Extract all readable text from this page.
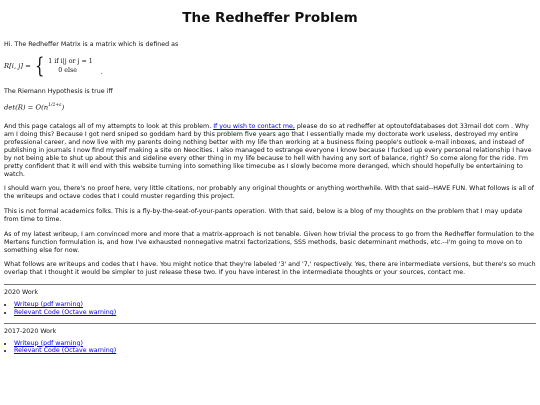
The Redheffer Problem

Hi. The Redheffer Matrix is a matrix which is defined as

R[i, j] = { 1 if i|j or j = 1
0 else	.

The Riemann Hypothesis is true iff

$\det(R) = O(n^{1/2+\varepsilon})$

And this page catalogs all of my attempts to look at this problem. If you wish to contact me, please do so at redheffer at optoutofdatabases dot 33mail dot com . Why am I doing this? Because I got nerd sniped so goddam hard by this problem five years ago that I essentially made my doctorate work useless, destroyed my entire professional career, and now live with my parents doing nothing better with my life than working at a business fixing people's outlook e-mail inboxes, and instead of publishing in journals I now find myself making a site on Neocities. I also managed to estrange everyone I know because I fucked up every personal relationship I have by not being able to shut up about this and sideline every other thing in my life because to hell with having any sort of balance, right? So come along for the ride. I'm pretty confident that it will end with this website turning into something like timecube as I slowly become more deranged, which should hopefully be entertaining to watch.

I should warn you, there's no proof here, very little citations, nor probably any original thoughts or anything worthwhile. With that said--HAVE FUN. What follows is all of the writeups and octave codes that I could muster regarding this project.

This is not formal academics folks. This is a fly-by-the-seat-of-your-pants operation. With that said, below is a blog of my thoughts on the problem that I may update from time to time.

As of my latest writeup, I am convinced more and more that a matrix-approach is not tenable. Given how trivial the process to go from the Redheffer formulation to the Mertens function formulation is, and how I've exhausted nonnegative matrxi factorizations, SSS methods, basic determinant methods, etc.--I'm going to move on to something else for now.

What follows are writeups and codes that I have. You might notice that they're labeled '3' and '7,' respectively. Yes, there are intermediate versions, but there's so much overlap that I thought it would be simpler to just release these two. If you have interest in the intermediate thoughts or your sources, contact me.

2020 Work
• Writeup (pdf warning)
• Relevant Code (Octave warning)
2017-2020 Work
• Writeup (pdf warning)
• Relevant Code (Octave warning)
